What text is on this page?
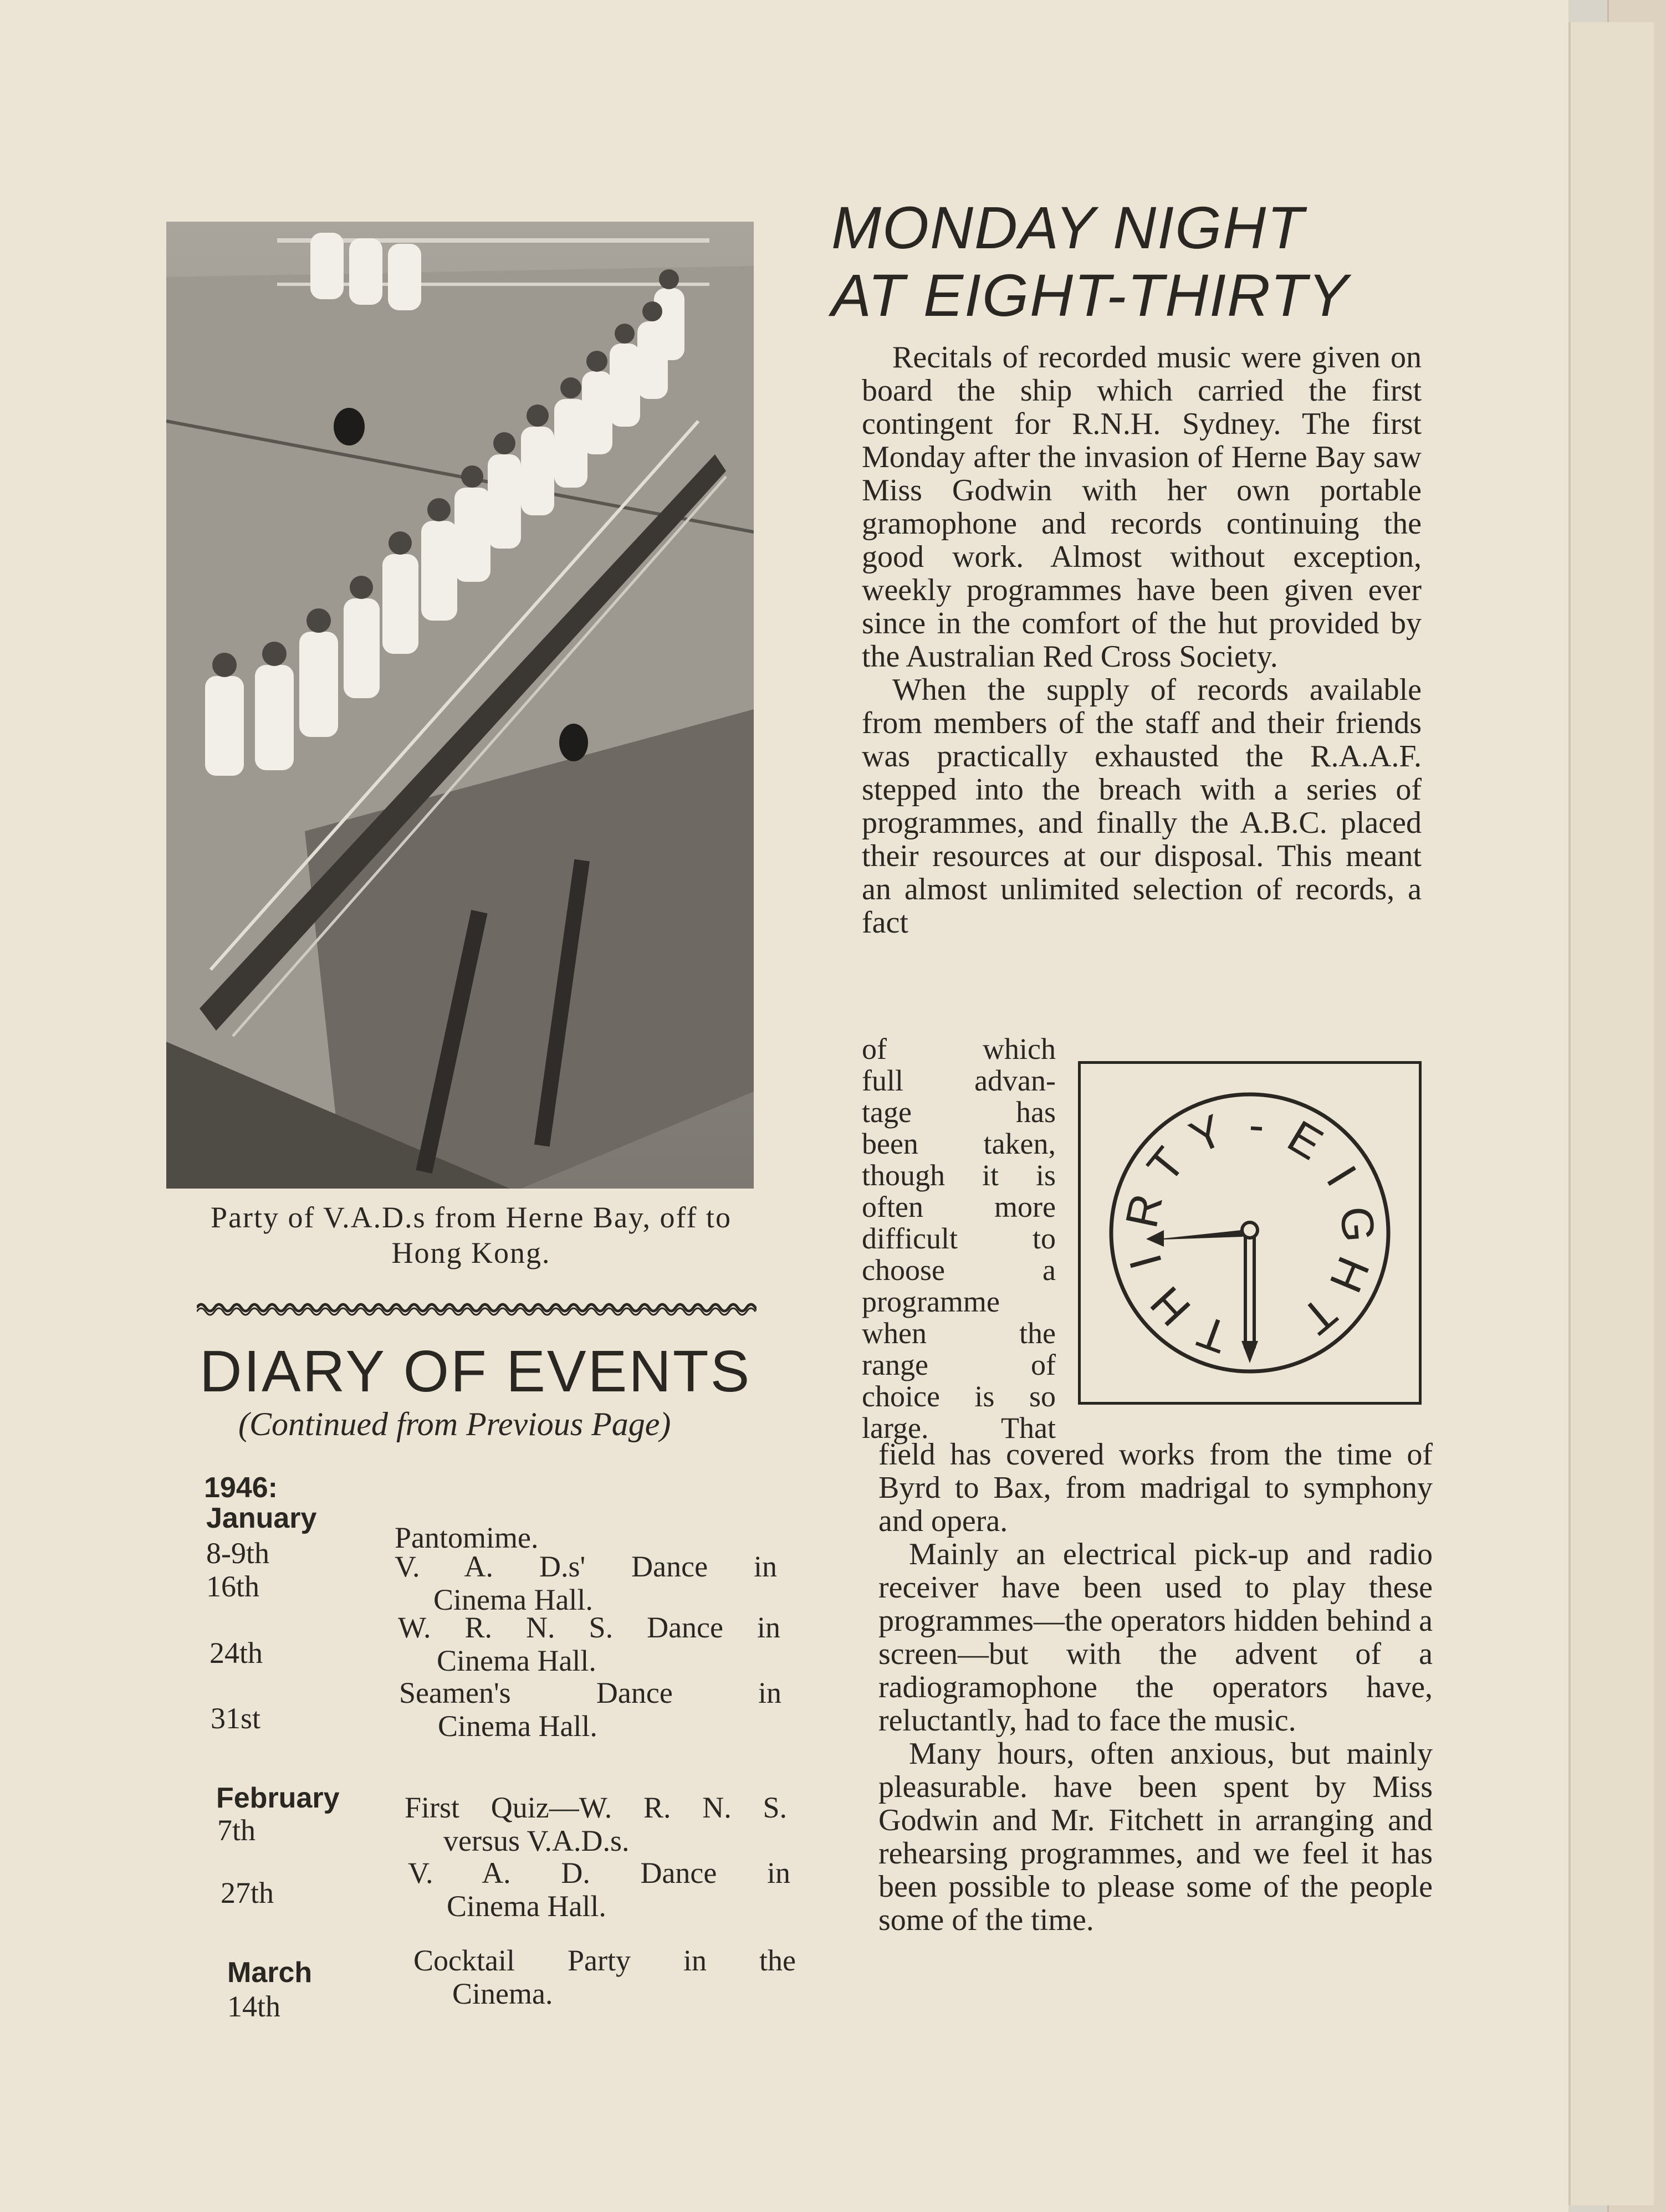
Party of V.A.D.s from Herne Bay, off to Hong Kong.
DIARY OF EVENTS
(Continued from Previous Page)
1946:
January
8-9th	Pantomime.
16th
V. A. D.s' Dance in
Cinema Hall.
24th
W. R. N. S. Dance in
Cinema Hall.
31st
Seamen's Dance in
Cinema Hall.
February
7th
First Quiz—W. R. N. S.
versus V.A.D.s.
27th
V. A. D. Dance in
Cinema Hall.
March
14th
Cocktail Party in the
Cinema.
MONDAY NIGHT
AT EIGHT-THIRTY

Recitals of recorded music were given on board the ship which carried the first contingent for R.N.H. Sydney. The first Monday after the invasion of Herne Bay saw Miss Godwin with her own portable gramophone and records continuing the good work. Almost without exception, weekly programmes have been given ever since in the comfort of the hut provided by the Australian Red Cross Society.

When the supply of records available from members of the staff and their friends was practically exhausted the R.A.A.F. stepped into the breach with a series of programmes, and finally the A.B.C. placed their resources at our disposal. This meant an almost unlimited selection of records, a fact

of which
full advan-
tage has
been taken,
though it is
often more
difficult to
choose a
programme
when the
range of
choice is so
large. That
T
H
I
R
T
Y - E
I
G
H
T

field has covered works from the time of Byrd to Bax, from madrigal to symphony and opera.

Mainly an electrical pick-up and radio receiver have been used to play these programmes—the operators hidden behind a screen—but with the advent of a radiogramophone the operators have, reluctantly, had to face the music.

Many hours, often anxious, but mainly pleasurable. have been spent by Miss Godwin and Mr. Fitchett in arranging and rehearsing programmes, and we feel it has been possible to please some of the people some of the time.
